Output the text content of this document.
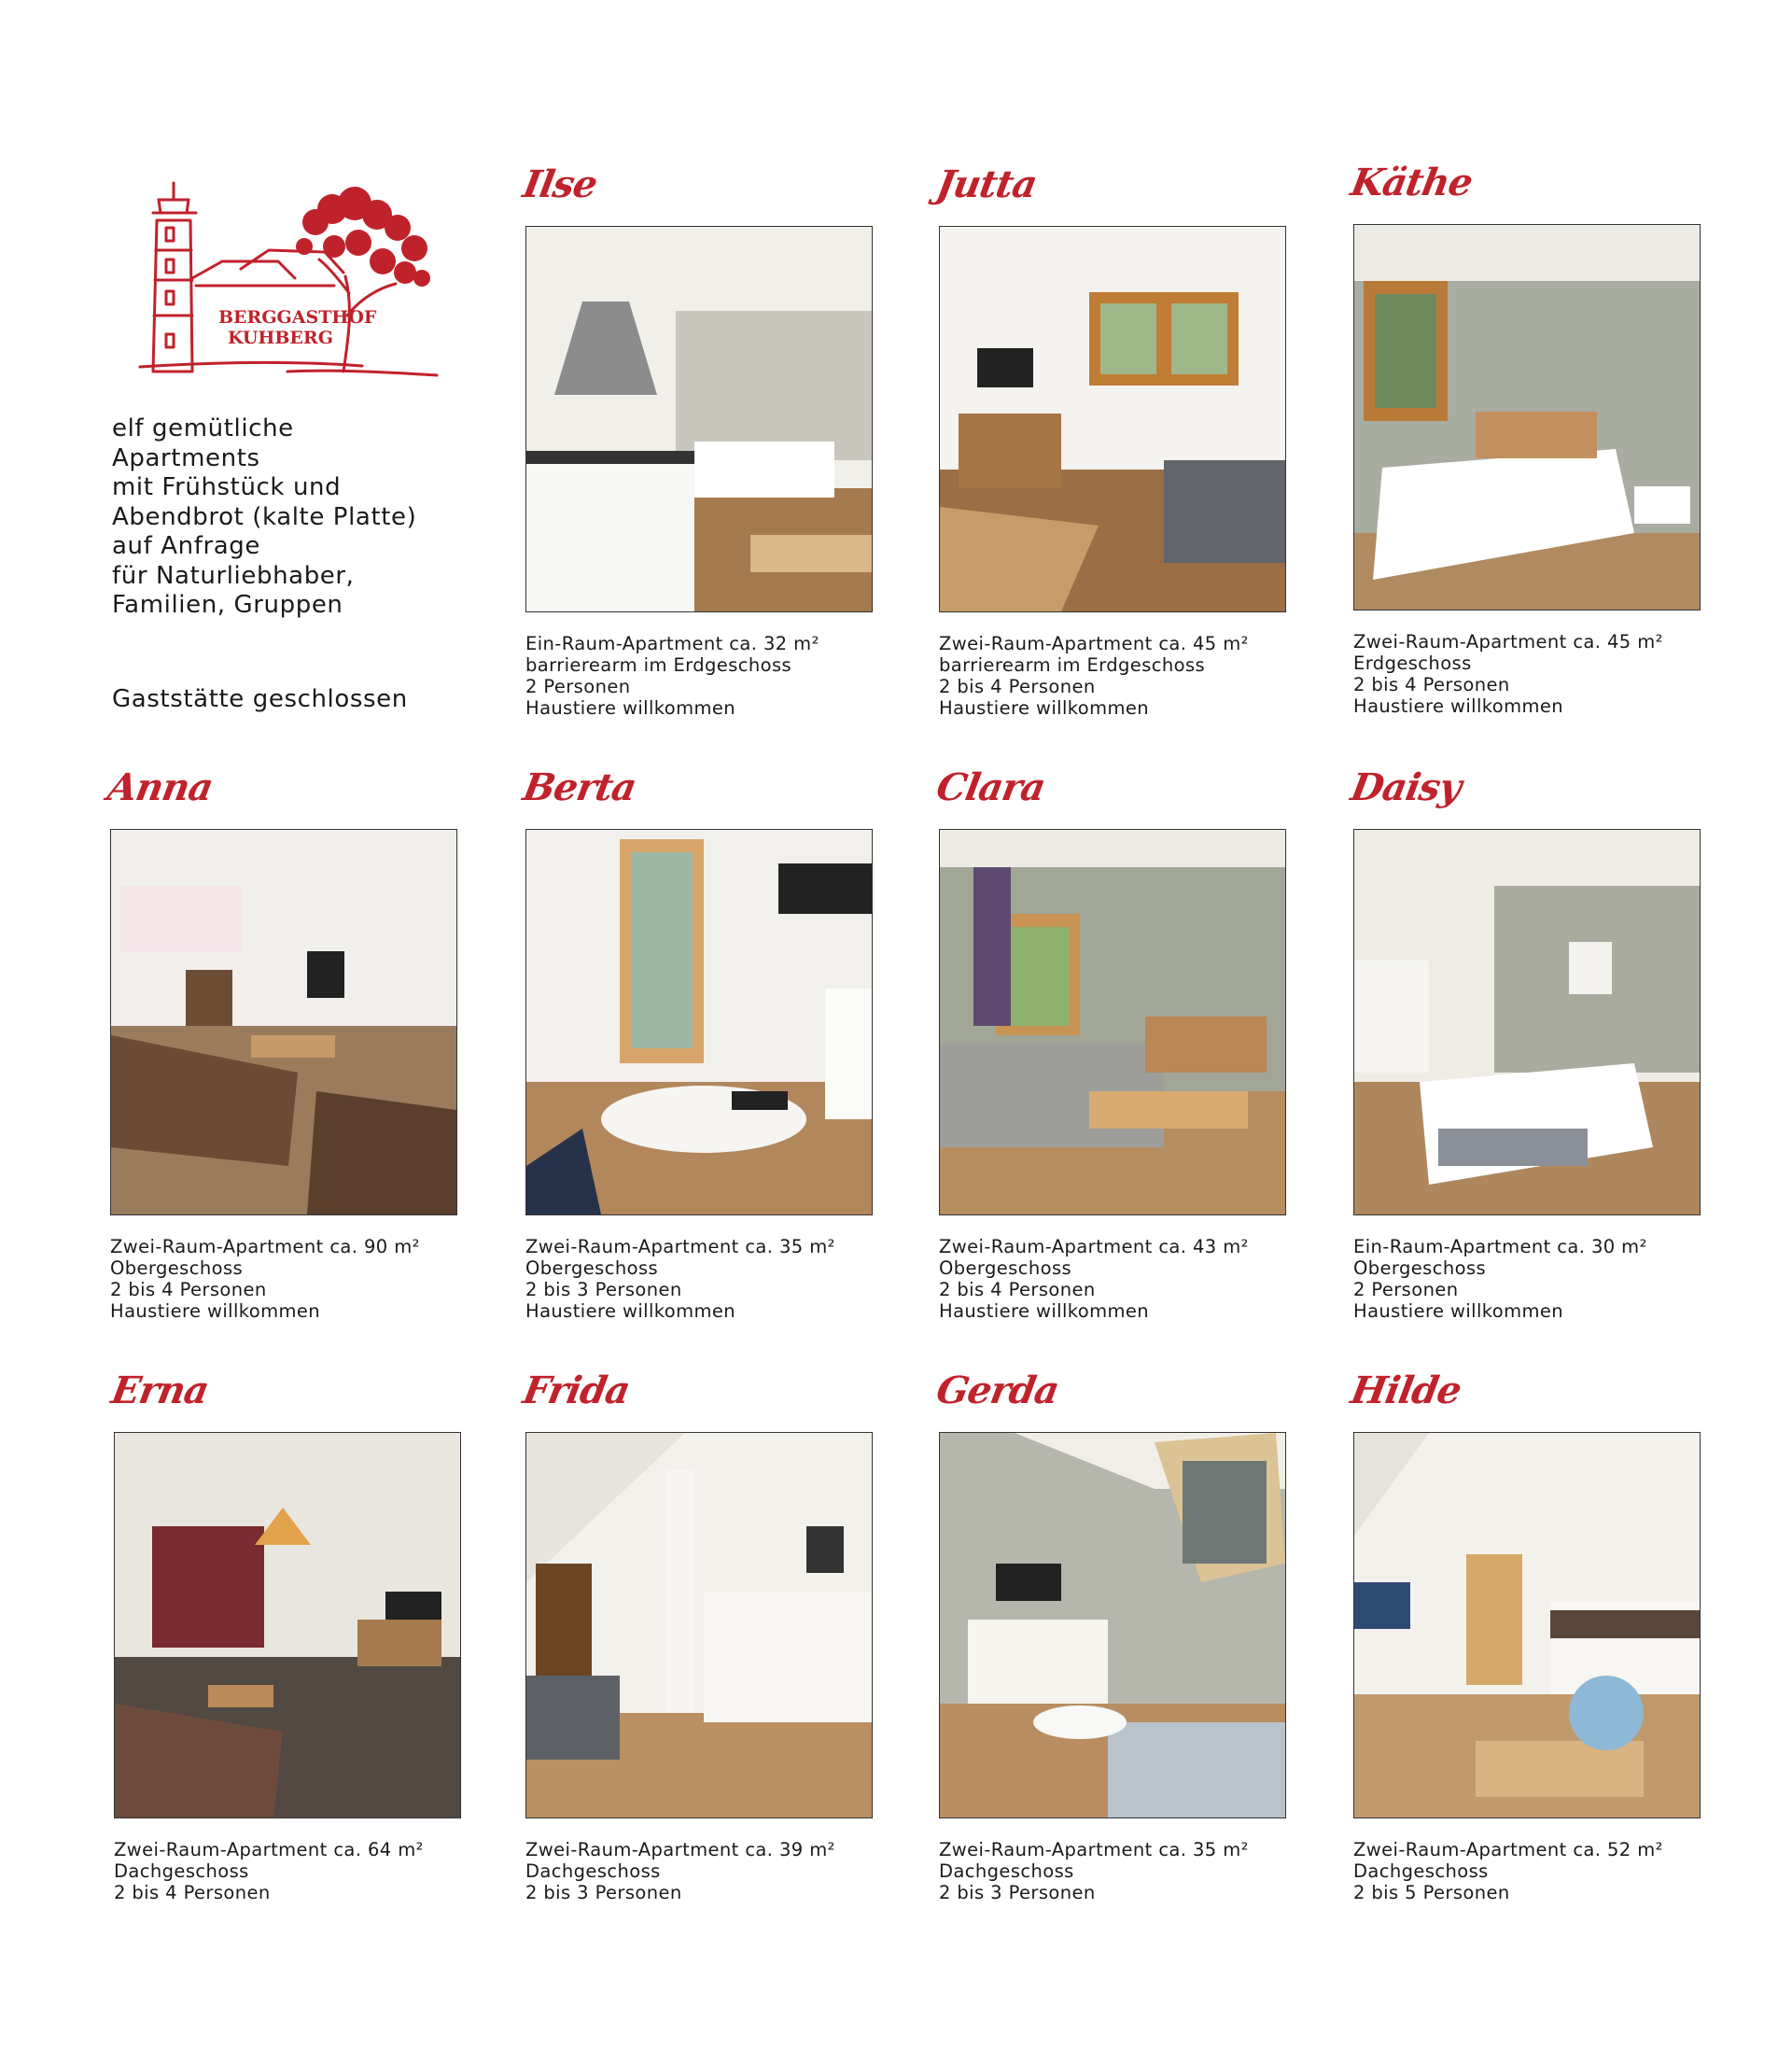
BERGGASTHOF
KUHBERG
elf gemütliche
Apartments
mit Frühstück und
Abendbrot (kalte Platte)
auf Anfrage
für Naturliebhaber,
Familien, Gruppen
Gaststätte geschlossen
Ilse
Ein-Raum-Apartment ca. 32 m²
barrierearm im Erdgeschoss
2 Personen
Haustiere willkommen
Jutta
Zwei-Raum-Apartment ca. 45 m²
barrierearm im Erdgeschoss
2 bis 4 Personen
Haustiere willkommen
Käthe
Zwei-Raum-Apartment ca. 45 m²
Erdgeschoss
2 bis 4 Personen
Haustiere willkommen
Anna
Zwei-Raum-Apartment ca. 90 m²
Obergeschoss
2 bis 4 Personen
Haustiere willkommen
Berta
Zwei-Raum-Apartment ca. 35 m²
Obergeschoss
2 bis 3 Personen
Haustiere willkommen
Clara
Zwei-Raum-Apartment ca. 43 m²
Obergeschoss
2 bis 4 Personen
Haustiere willkommen
Daisy
Ein-Raum-Apartment ca. 30 m²
Obergeschoss
2 Personen
Haustiere willkommen
Erna
Zwei-Raum-Apartment ca. 64 m²
Dachgeschoss
2 bis 4 Personen
Frida
Zwei-Raum-Apartment ca. 39 m²
Dachgeschoss
2 bis 3 Personen
Gerda
Zwei-Raum-Apartment ca. 35 m²
Dachgeschoss
2 bis 3 Personen
Hilde
Zwei-Raum-Apartment ca. 52 m²
Dachgeschoss
2 bis 5 Personen
